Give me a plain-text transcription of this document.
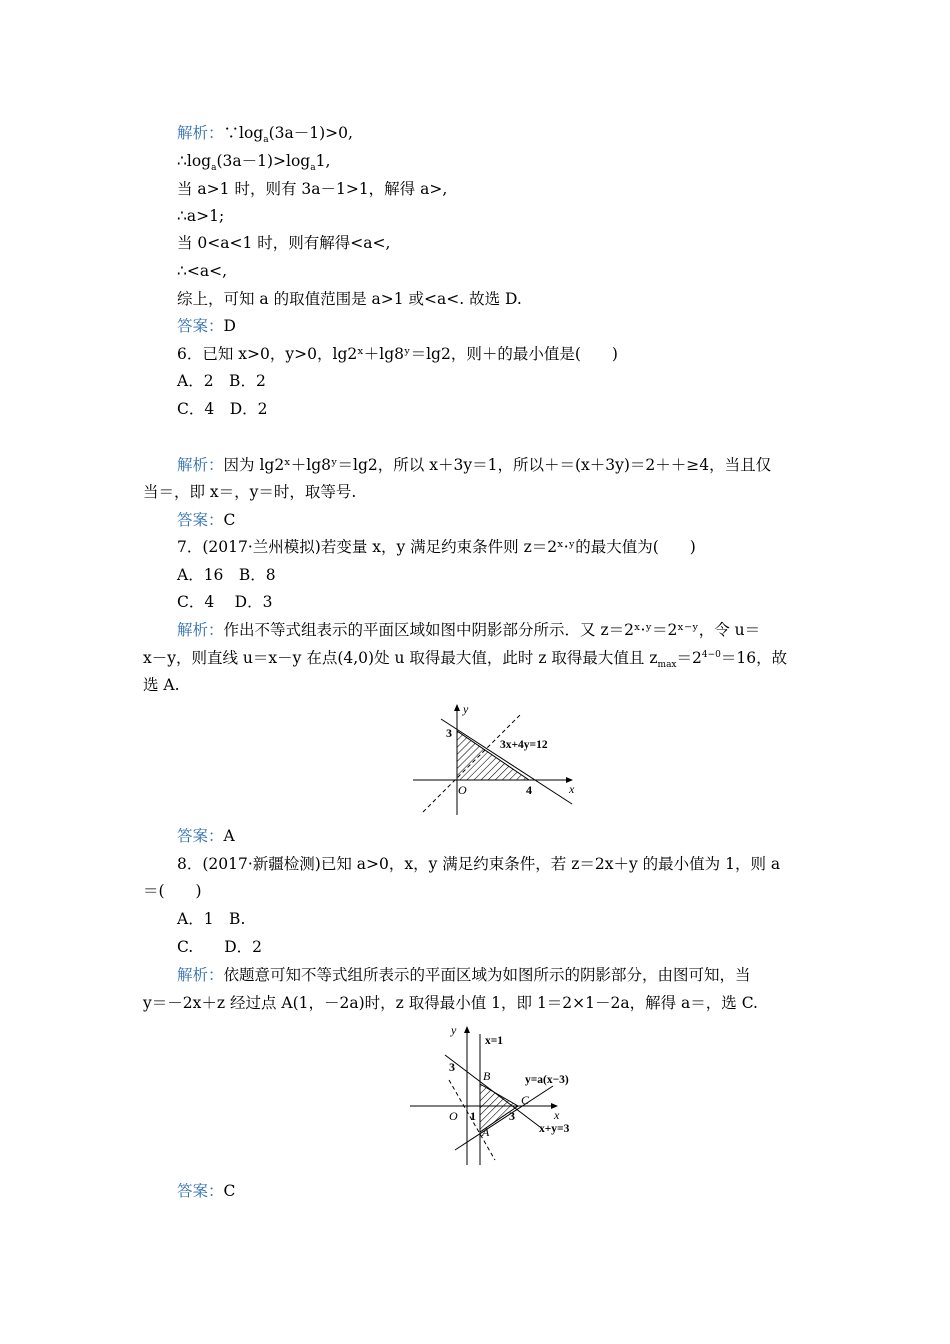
解析：$\because\log_a(3a-1)>0$,
$\therefore\log_a(3a-1)>\log_a1$,
当 a>1 时，则有 3a－1>1，解得 a>,
∴a>1;
当 0<a<1 时，则有解得<a<,
∴<a<,
综上，可知 a 的取值范围是 a>1 或<a<. 故选 D.
答案：D
6．已知 x>0，y>0，lg2ˣ＋lg8ʸ＝lg2，则＋的最小值是(　　)
A．2　B．2
C．4　D．2
解析：因为 lg2ˣ＋lg8ʸ＝lg2，所以 x＋3y＝1，所以＋＝(x＋3y)＝2＋＋≥4，当且仅
当＝，即 x＝，y＝时，取等号.
答案：C
7．(2017·兰州模拟)若变量 x，y 满足约束条件则 z＝2ˣ·ʸ的最大值为(　　)
A．16　B．8
C．4　 D．3
解析：作出不等式组表示的平面区域如图中阴影部分所示．又 z＝2ˣ·ʸ＝2ˣ⁻ʸ，令 u＝
x－y，则直线 u＝x－y 在点(4,0)处 u 取得最大值，此时 z 取得最大值且 $z_{max}=2^{4-0}=16$，故
选 A.
y
x
O
3
4
3x+4y=12
答案：A
8．(2017·新疆检测)已知 a>0，x，y 满足约束条件，若 z＝2x＋y 的最小值为 1，则 a
＝(　　)
A．1　B.
C.　　D．2
解析：依题意可知不等式组所表示的平面区域为如图所示的阴影部分，由图可知，当
y＝－2x＋z 经过点 A(1，－2a)时，z 取得最小值 1，即 1＝2×1－2a，解得 a＝，选 C.
y
x
O 1
3
3
B
C
A
x=1
y=a(x−3)
x+y=3
答案：C
